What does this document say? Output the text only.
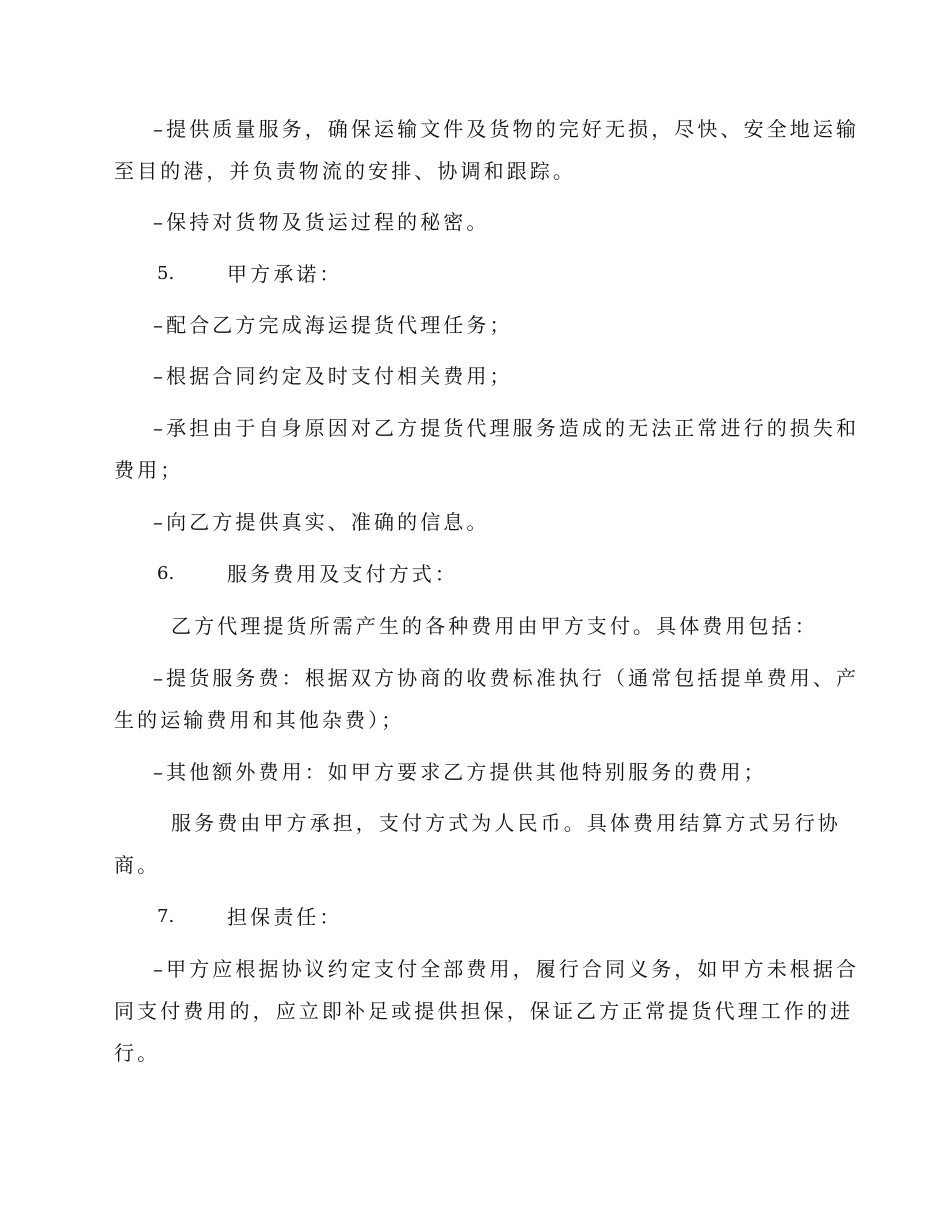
–提供质量服务，确保运输文件及货物的完好无损，尽快、安全地运输
至目的港，并负责物流的安排、协调和跟踪。
–保持对货物及货运过程的秘密。
5.	甲方承诺：
–配合乙方完成海运提货代理任务；
–根据合同约定及时支付相关费用；
–承担由于自身原因对乙方提货代理服务造成的无法正常进行的损失和
费用；
–向乙方提供真实、准确的信息。
6.	服务费用及支付方式：
乙方代理提货所需产生的各种费用由甲方支付。具体费用包括：
–提货服务费：根据双方协商的收费标准执行（通常包括提单费用、产
生的运输费用和其他杂费）；
–其他额外费用：如甲方要求乙方提供其他特别服务的费用；
服务费由甲方承担，支付方式为人民币。具体费用结算方式另行协
商。
7.	担保责任：
–甲方应根据协议约定支付全部费用，履行合同义务，如甲方未根据合
同支付费用的，应立即补足或提供担保，保证乙方正常提货代理工作的进
行。
